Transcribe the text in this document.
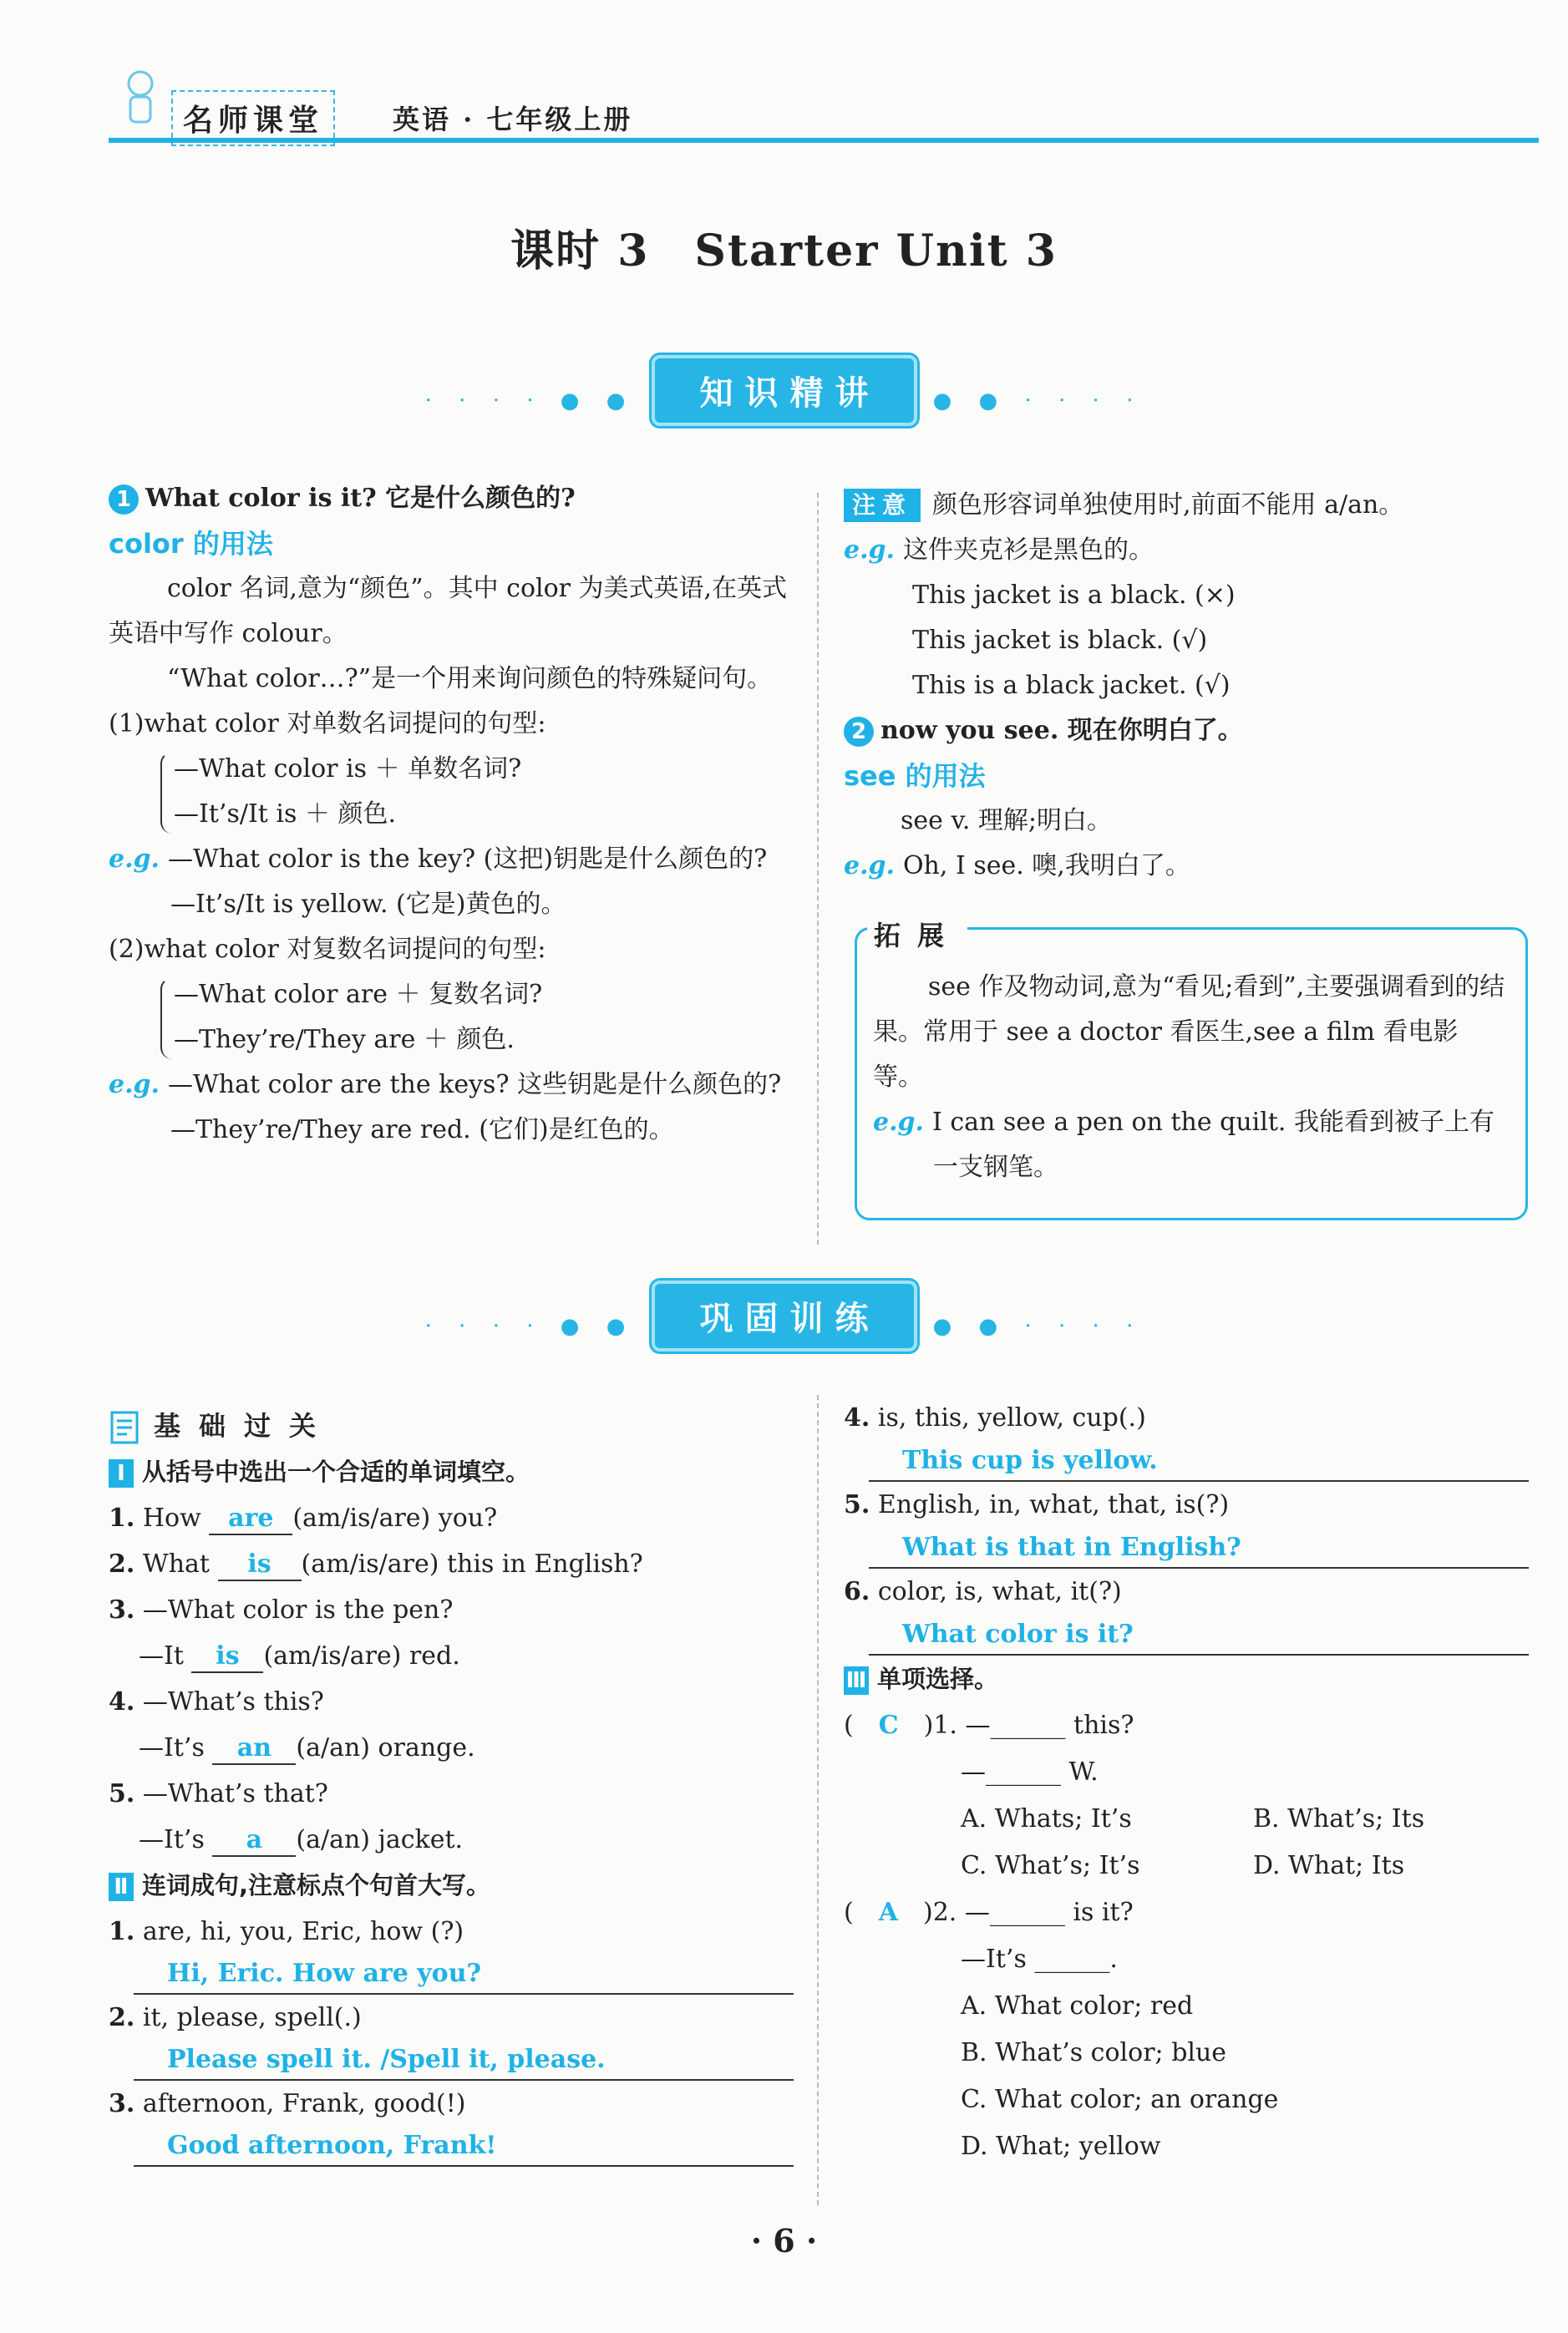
名师课堂	英语 · 七年级上册
课时 3　Starter Unit 3
· · · · ● ● 知识精讲 ● ● · · · ·

1 What color is it? 它是什么颜色的?

color 的用法

color 名词,意为“颜色”。其中 color 为美式英语,在英式英语中写作 colour。

“What color…?”是一个用来询问颜色的特殊疑问句。

(1)what color 对单数名词提问的句型:

—What color is ＋ 单数名词?

—It’s/It is ＋ 颜色.

e.g. —What color is the key? (这把)钥匙是什么颜色的?

—It’s/It is yellow. (它是)黄色的。

(2)what color 对复数名词提问的句型:

—What color are ＋ 复数名词?

—They’re/They are ＋ 颜色.

e.g. —What color are the keys? 这些钥匙是什么颜色的?

—They’re/They are red. (它们)是红色的。

注意 颜色形容词单独使用时,前面不能用 a/an。

e.g. 这件夹克衫是黑色的。

This jacket is a black. (×)

This jacket is black. (√)

This is a black jacket. (√)

2 now you see. 现在你明白了。

see 的用法

see v. 理解;明白。

e.g. Oh, I see. 噢,我明白了。

拓展

see 作及物动词,意为“看见;看到”,主要强调看到的结果。常用于 see a doctor 看医生,see a film 看电影等。

e.g. I can see a pen on the quilt. 我能看到被子上有一支钢笔。

· · · · ● ● 巩固训练 ● ● · · · ·

基础过关

Ⅰ 从括号中选出一个合适的单词填空。

1. How are (am/is/are) you?

2. What is (am/is/are) this in English?

3. —What color is the pen?

—It is (am/is/are) red.

4. —What’s this?

—It’s an (a/an) orange.

5. —What’s that?

—It’s a (a/an) jacket.

Ⅱ 连词成句,注意标点个句首大写。

1. are, hi, you, Eric, how (?)

Hi, Eric. How are you?

2. it, please, spell(.)

Please spell it. /Spell it, please.

3. afternoon, Frank, good(!)

Good afternoon, Frank!

4. is, this, yellow, cup(.)

This cup is yellow.

5. English, in, what, that, is(?)

What is that in English?

6. color, is, what, it(?)

What color is it?

Ⅲ 单项选择。

(　C　 )1. —______ this?

—______ W.

A. Whats; It’s	B. What’s; Its
C. What’s; It’s	D. What; Its

(　A　 )2. —______ is it?

—It’s ______.

A. What color; red

B. What’s color; blue

C. What color; an orange

D. What; yellow

· 6 ·
